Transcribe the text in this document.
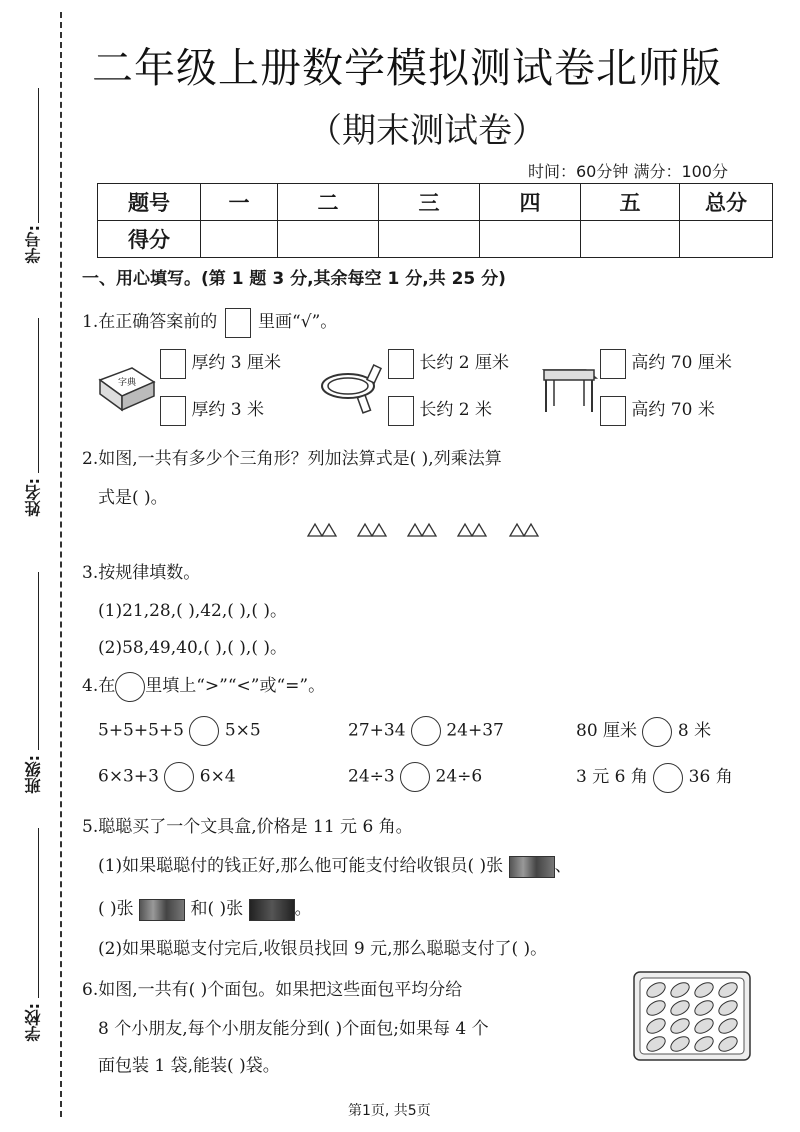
学号:
姓名:
班级:
学校:
二年级上册数学模拟测试卷北师版
（期末测试卷）
时间：60分钟 满分：100分
题号	一	二	三	四	五	总分
得分						
一、用心填写。(第 1 题 3 分,其余每空 1 分,共 25 分)
1.在正确答案前的 里画“√”。
字典
厚约 3 厘米
厚约 3 米
长约 2 厘米
长约 2 米
高约 70 厘米
高约 70 米
2.如图,一共有多少个三角形？列加法算式是( ),列乘法算
式是( )。
3.按规律填数。
(1)21,28,( ),42,( ),( )。
(2)58,49,40,( ),( ),( )。
4.在 里填上“>”“<”或“=”。
5+5+5+5 5×5	27+34 24+37	80 厘米 8 米
6×3+3 6×4	24÷3 24÷6	3 元 6 角 36 角
5.聪聪买了一个文具盒,价格是 11 元 6 角。
(1)如果聪聪付的钱正好,那么他可能支付给收银员( )张	、
( )张	和( )张	。
(2)如果聪聪支付完后,收银员找回 9 元,那么聪聪支付了( )。
6.如图,一共有( )个面包。如果把这些面包平均分给
8 个小朋友,每个小朋友能分到( )个面包;如果每 4 个
面包装 1 袋,能装( )袋。
第1页, 共5页
